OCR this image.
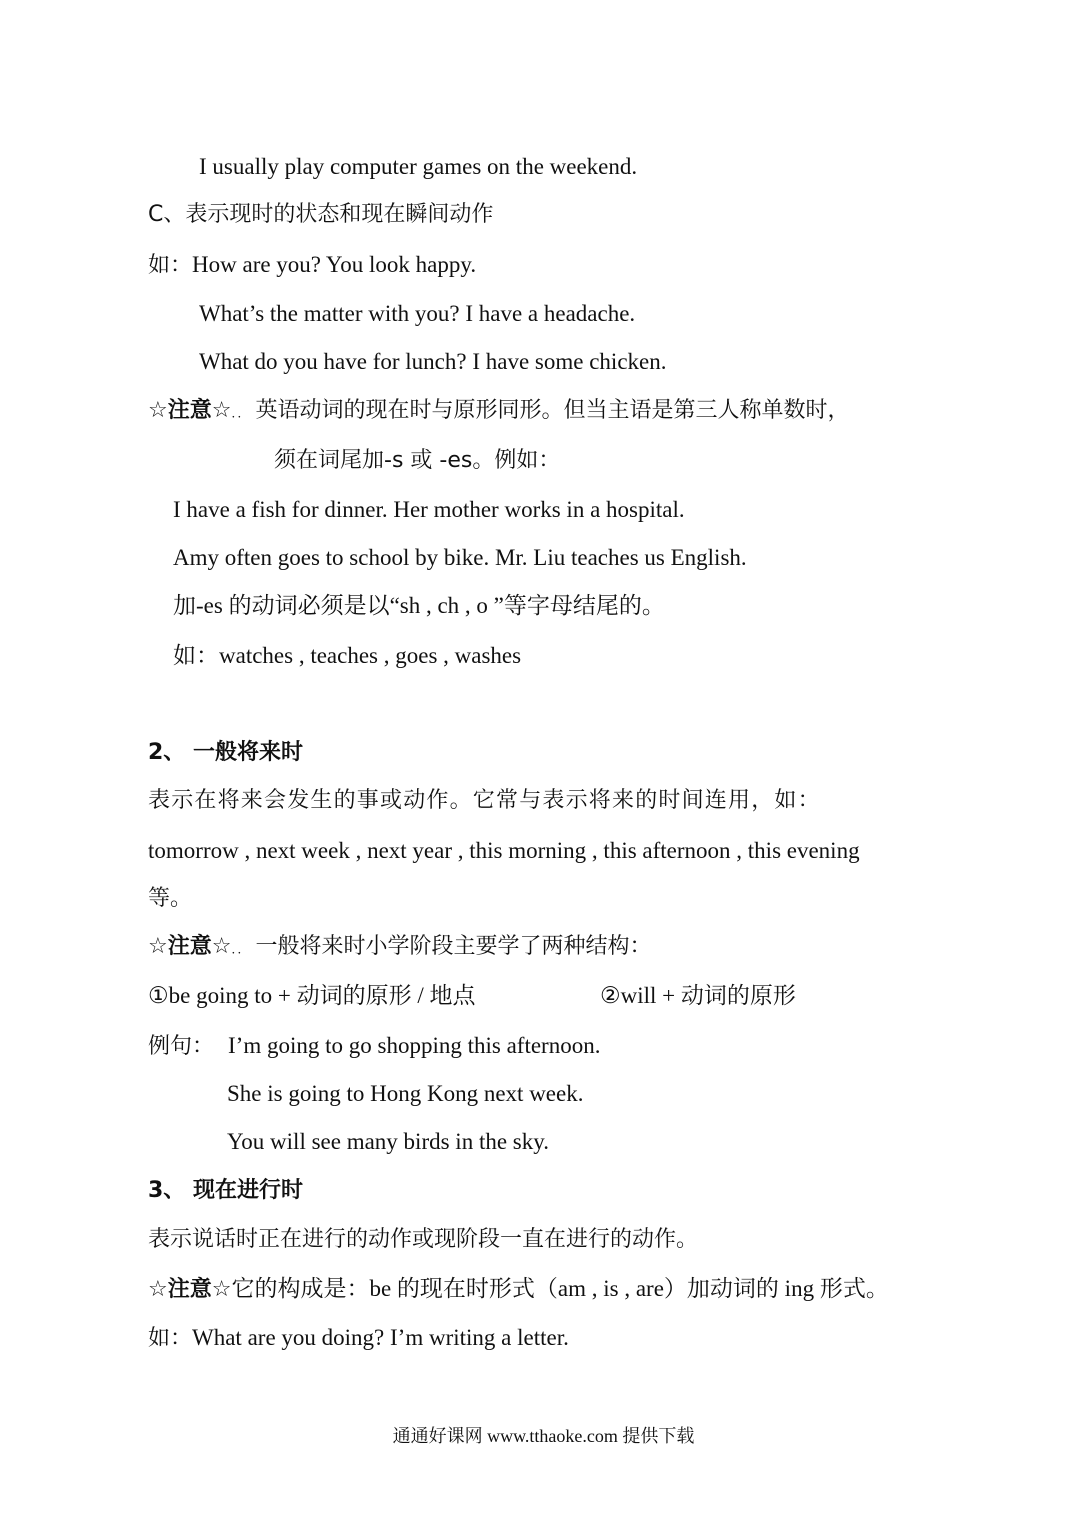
I usually play computer games on the weekend.
C、表示现时的状态和现在瞬间动作
如：How are you? You look happy.
What’s the matter with you? I have a headache.
What do you have for lunch? I have some chicken.
☆注意☆．． 英语动词的现在时与原形同形。但当主语是第三人称单数时，
须在词尾加-s 或 -es。例如：
I have a fish for dinner. Her mother works in a hospital.
Amy often goes to school by bike. Mr. Liu teaches us English.
加-es 的动词必须是以“sh , ch , o ”等字母结尾的。
如：watches , teaches , goes , washes
2、 一般将来时
表示在将来会发生的事或动作。它常与表示将来的时间连用，如：
tomorrow , next week , next year , this morning , this afternoon , this evening
等。
☆注意☆．． 一般将来时小学阶段主要学了两种结构：
①be going to + 动词的原形 / 地点	②will + 动词的原形
例句： I’m going to go shopping this afternoon.
She is going to Hong Kong next week.
You will see many birds in the sky.
3、 现在进行时
表示说话时正在进行的动作或现阶段一直在进行的动作。
☆注意☆它的构成是：be 的现在时形式（am , is , are）加动词的 ing 形式。
如：What are you doing? I’m writing a letter.
通通好课网 www.tthaoke.com 提供下载
